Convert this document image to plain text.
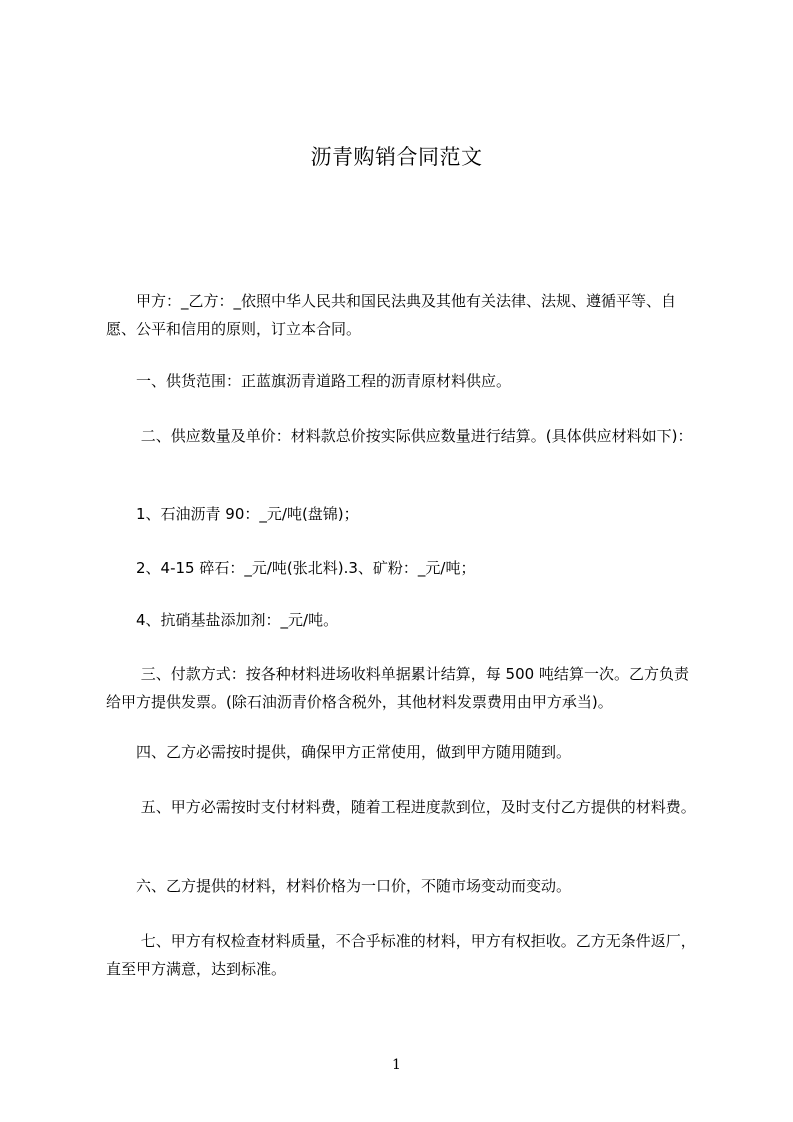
沥青购销合同范文

　　甲方：_乙方：_依照中华人民共和国民法典及其他有关法律、法规、遵循平等、自愿、公平和信用的原则，订立本合同。

　　一、供货范围：正蓝旗沥青道路工程的沥青原材料供应。

　　 二、供应数量及单价：材料款总价按实际供应数量进行结算。(具体供应材料如下)：

　　1、石油沥青 90：_元/吨(盘锦)；

　　2、4-15 碎石：_元/吨(张北料).3、矿粉：_元/吨；

　　4、抗硝基盐添加剂：_元/吨。

　　 三、付款方式：按各种材料进场收料单据累计结算，每 500 吨结算一次。乙方负责给甲方提供发票。(除石油沥青价格含税外，其他材料发票费用由甲方承当)。

　　四、乙方必需按时提供，确保甲方正常使用，做到甲方随用随到。

　　 五、甲方必需按时支付材料费，随着工程进度款到位，及时支付乙方提供的材料费。

　　六、乙方提供的材料，材料价格为一口价，不随市场变动而变动。

　　 七、甲方有权检查材料质量，不合乎标准的材料，甲方有权拒收。乙方无条件返厂，直至甲方满意，达到标准。

1
